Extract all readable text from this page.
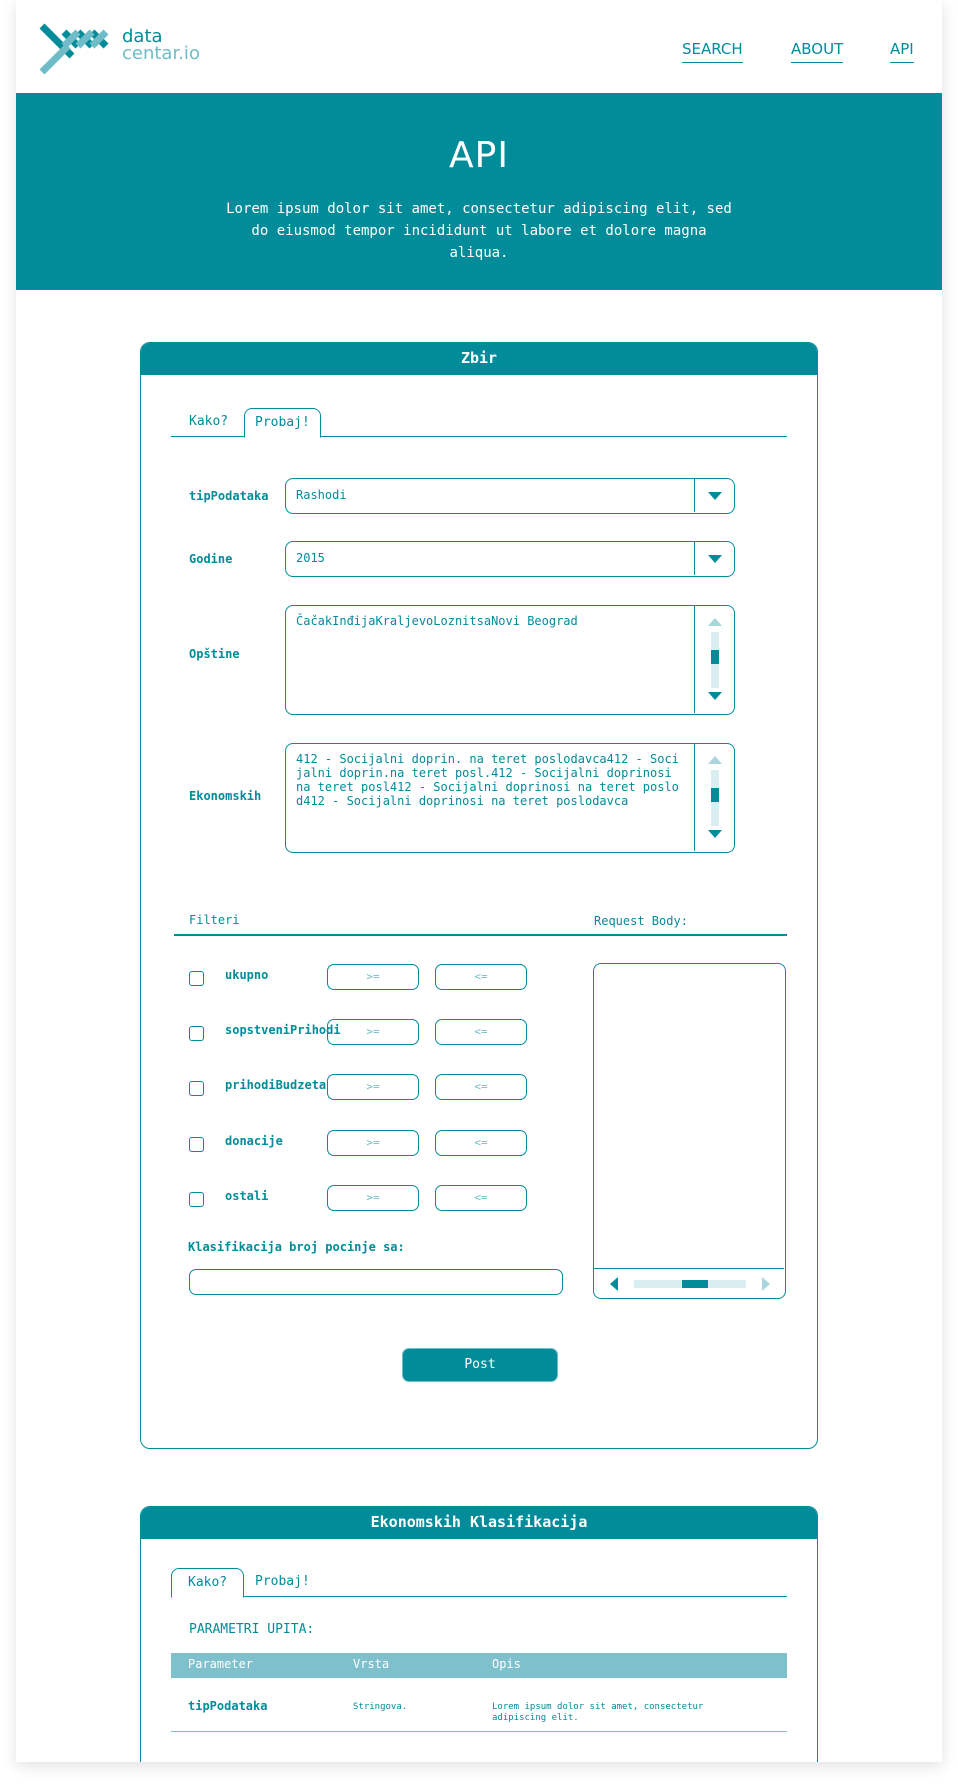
data
centar.io	SEARCH	ABOUT	API
API

Lorem ipsum dolor sit amet, consectetur adipiscing elit, sed
do eiusmod tempor incididunt ut labore et dolore magna aliqua.

Zbir
Kako?	Probaj!
tipPodataka Rashodi
Godine	2015
Opštine
ČačakInđijaKraljevoLoznitsaNovi Beograd
Ekonomskih
412 - Socijalni doprin. na teret poslodavca412 - Socijalni doprin.na teret posl.412 - Socijalni doprinosi na teret posl412 - Socijalni doprinosi na teret poslod412 - Socijalni doprinosi na teret poslodavca
Filteri	Request Body:
ukupno	>=	<=
sopstveniPrihodi	>=	<=
prihodiBudzeta	>=	<=
donacije	>=	<=
ostali	>=	<=
Klasifikacija broj pocinje sa:
Post
Ekonomskih Klasifikacija
Kako?	Probaj!
PARAMETRI UPITA:
Parameter	Vrsta	Opis
tipPodataka	Stringova.	Lorem ipsum dolor sit amet, consectetur adipiscing elit.
